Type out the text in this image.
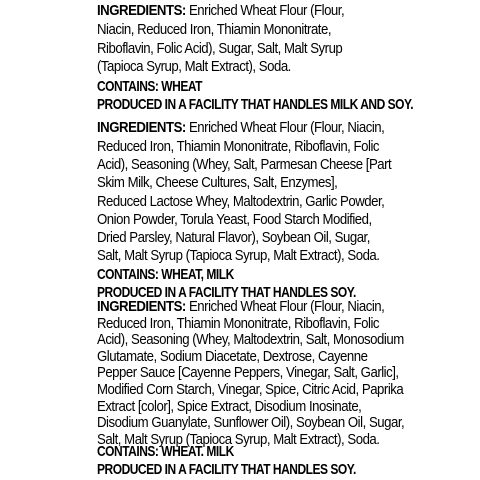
INGREDIENTS: Enriched Wheat Flour (Flour,
Niacin, Reduced Iron, Thiamin Mononitrate,
Riboflavin, Folic Acid), Sugar, Salt, Malt Syrup
(Tapioca Syrup, Malt Extract), Soda.
CONTAINS: WHEAT
PRODUCED IN A FACILITY THAT HANDLES MILK AND SOY.
INGREDIENTS: Enriched Wheat Flour (Flour, Niacin,
Reduced Iron, Thiamin Mononitrate, Riboflavin, Folic
Acid), Seasoning (Whey, Salt, Parmesan Cheese [Part
Skim Milk, Cheese Cultures, Salt, Enzymes],
Reduced Lactose Whey, Maltodextrin, Garlic Powder,
Onion Powder, Torula Yeast, Food Starch Modified,
Dried Parsley, Natural Flavor), Soybean Oil, Sugar,
Salt, Malt Syrup (Tapioca Syrup, Malt Extract), Soda.
CONTAINS: WHEAT, MILK
PRODUCED IN A FACILITY THAT HANDLES SOY.
INGREDIENTS: Enriched Wheat Flour (Flour, Niacin,
Reduced Iron, Thiamin Mononitrate, Riboflavin, Folic
Acid), Seasoning (Whey, Maltodextrin, Salt, Monosodium
Glutamate, Sodium Diacetate, Dextrose, Cayenne
Pepper Sauce [Cayenne Peppers, Vinegar, Salt, Garlic],
Modified Corn Starch, Vinegar, Spice, Citric Acid, Paprika
Extract [color], Spice Extract, Disodium Inosinate,
Disodium Guanylate, Sunflower Oil), Soybean Oil, Sugar,
Salt, Malt Syrup (Tapioca Syrup, Malt Extract), Soda.
CONTAINS: WHEAT. MILK
PRODUCED IN A FACILITY THAT HANDLES SOY.
